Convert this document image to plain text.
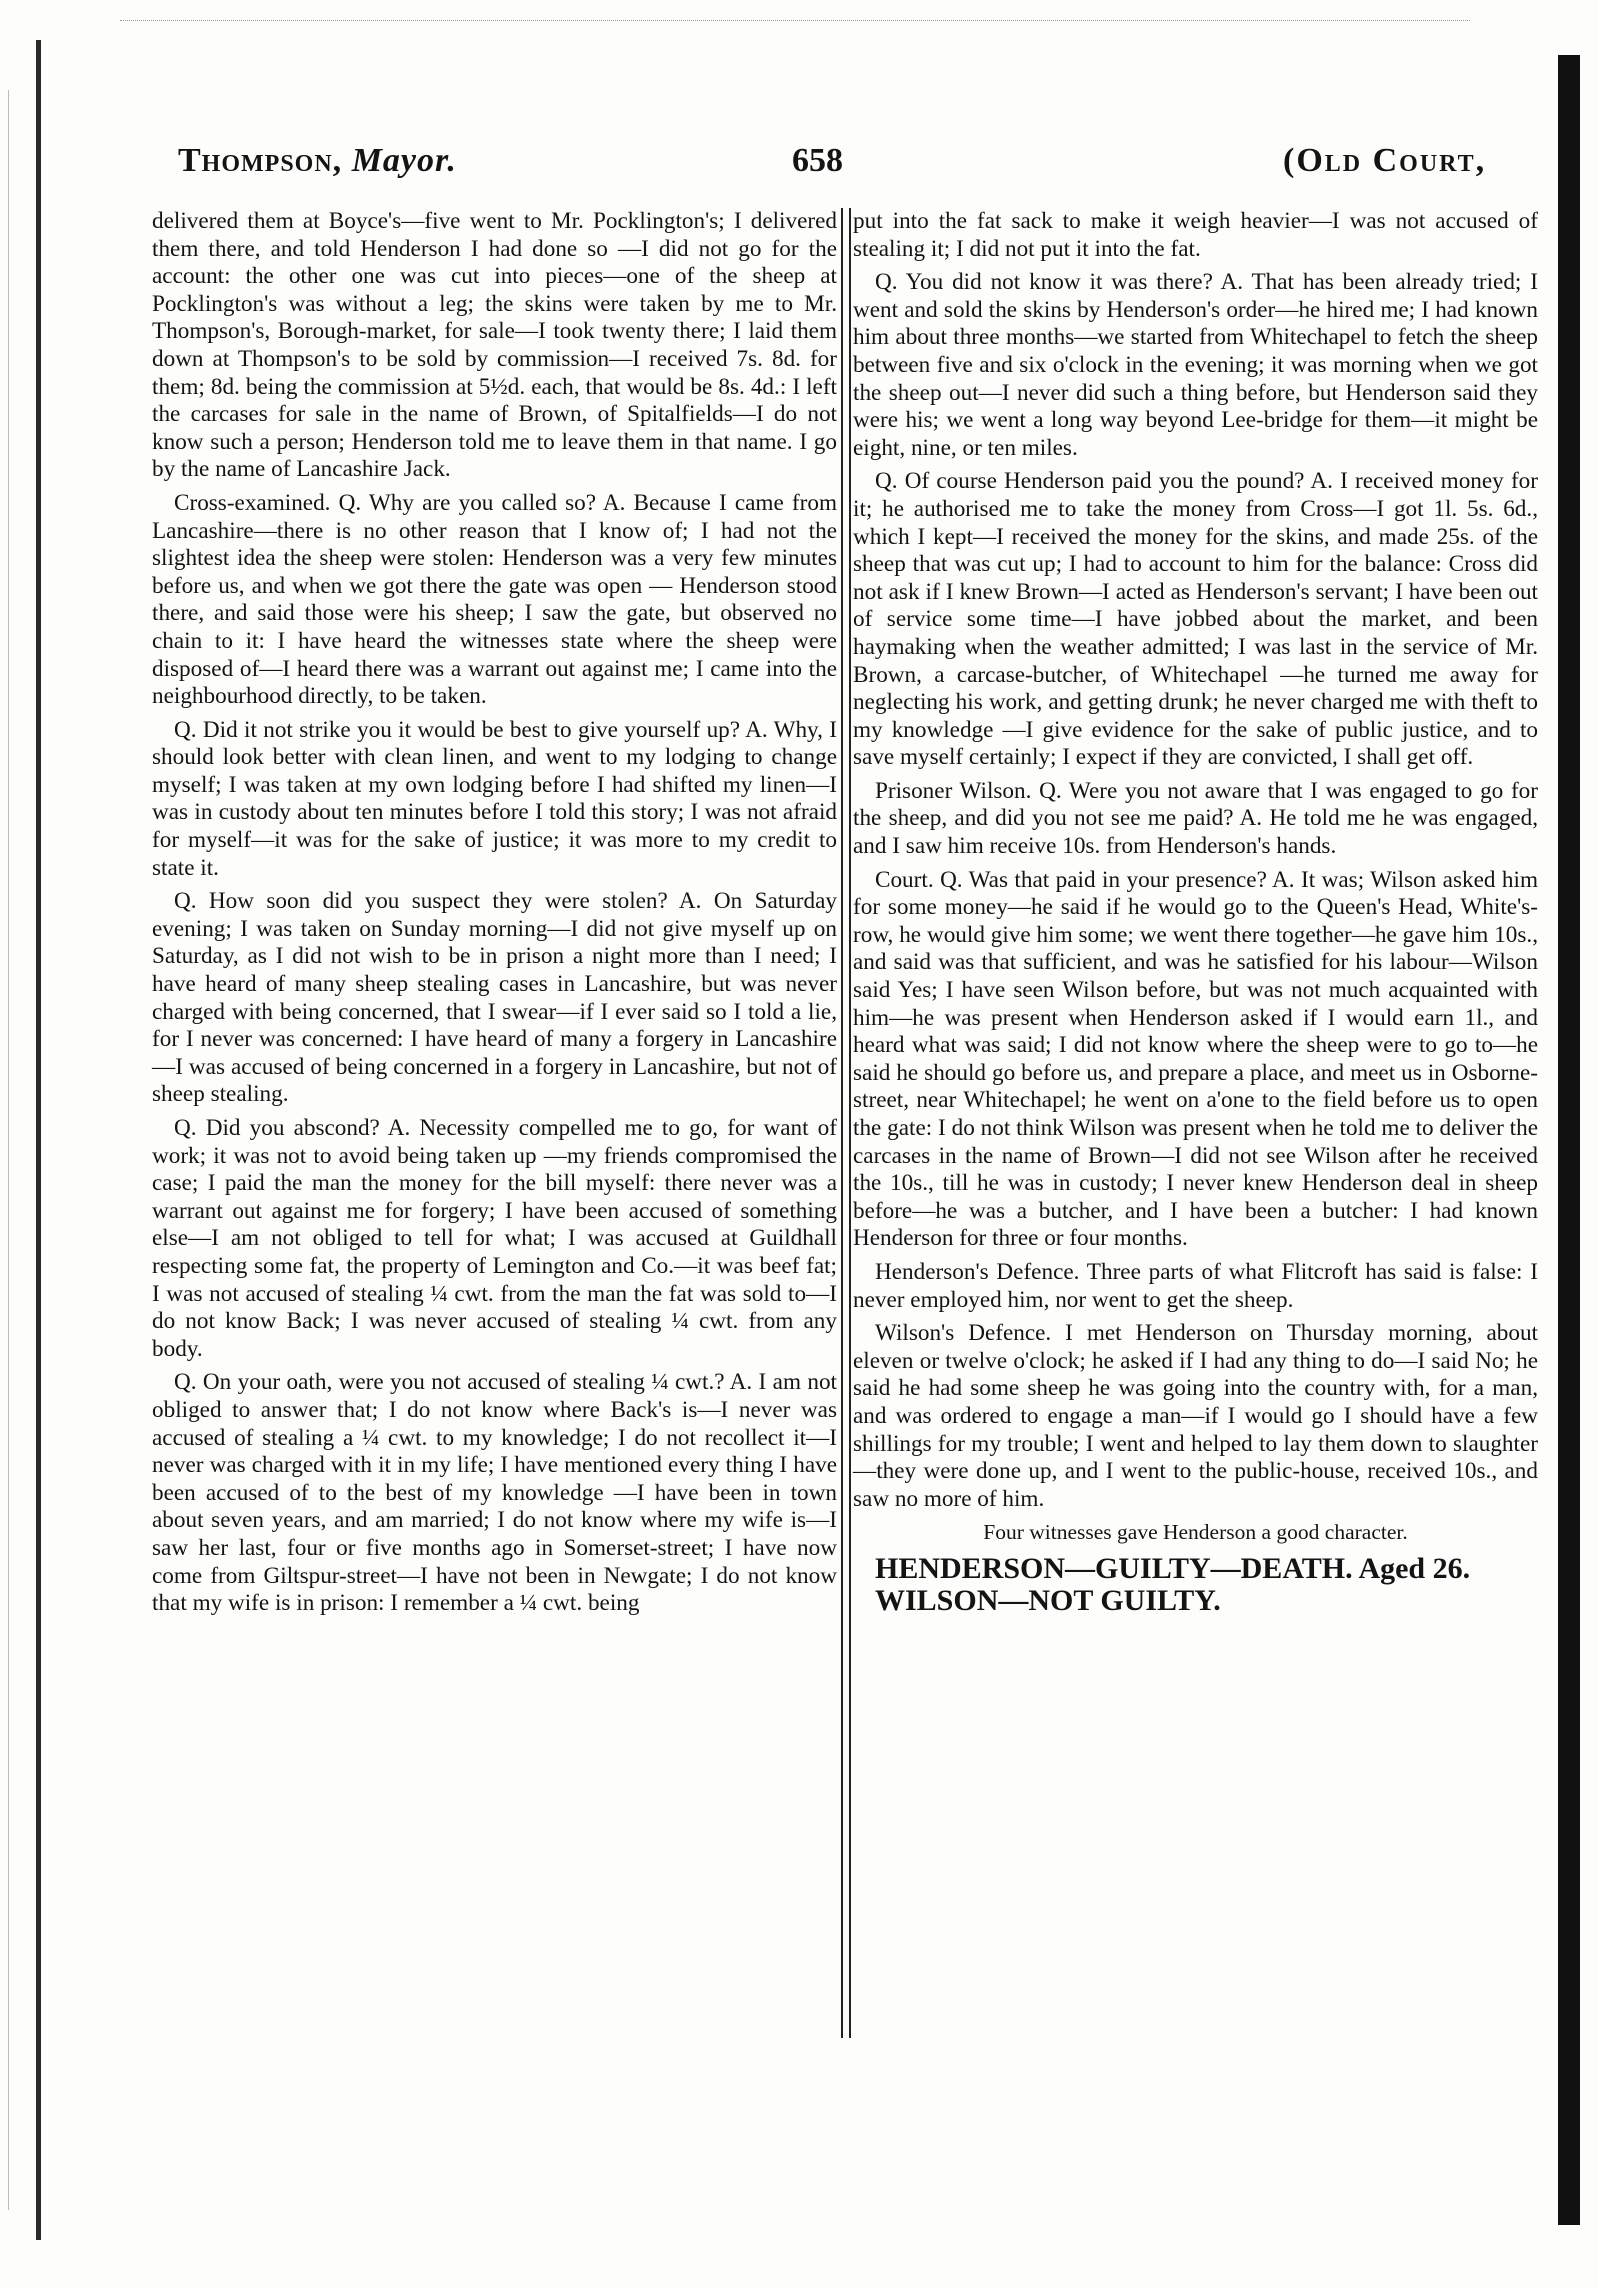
Thompson, Mayor.	658	(Old Court,

delivered them at Boyce's—five went to Mr. Pocklington's; I delivered them there, and told Henderson I had done so —I did not go for the account: the other one was cut into pieces—one of the sheep at Pocklington's was without a leg; the skins were taken by me to Mr. Thompson's, Borough-market, for sale—I took twenty there; I laid them down at Thompson's to be sold by commission—I received 7s. 8d. for them; 8d. being the commission at 5½d. each, that would be 8s. 4d.: I left the carcases for sale in the name of Brown, of Spitalfields—I do not know such a person; Henderson told me to leave them in that name. I go by the name of Lancashire Jack.

Cross-examined. Q. Why are you called so? A. Because I came from Lancashire—there is no other reason that I know of; I had not the slightest idea the sheep were stolen: Henderson was a very few minutes before us, and when we got there the gate was open — Henderson stood there, and said those were his sheep; I saw the gate, but observed no chain to it: I have heard the witnesses state where the sheep were disposed of—I heard there was a warrant out against me; I came into the neighbourhood directly, to be taken.

Q. Did it not strike you it would be best to give yourself up? A. Why, I should look better with clean linen, and went to my lodging to change myself; I was taken at my own lodging before I had shifted my linen—I was in custody about ten minutes before I told this story; I was not afraid for myself—it was for the sake of justice; it was more to my credit to state it.

Q. How soon did you suspect they were stolen? A. On Saturday evening; I was taken on Sunday morning—I did not give myself up on Saturday, as I did not wish to be in prison a night more than I need; I have heard of many sheep stealing cases in Lancashire, but was never charged with being concerned, that I swear—if I ever said so I told a lie, for I never was concerned: I have heard of many a forgery in Lancashire—I was accused of being concerned in a forgery in Lancashire, but not of sheep stealing.

Q. Did you abscond? A. Necessity compelled me to go, for want of work; it was not to avoid being taken up —my friends compromised the case; I paid the man the money for the bill myself: there never was a warrant out against me for forgery; I have been accused of something else—I am not obliged to tell for what; I was accused at Guildhall respecting some fat, the property of Lemington and Co.—it was beef fat; I was not accused of stealing ¼ cwt. from the man the fat was sold to—I do not know Back; I was never accused of stealing ¼ cwt. from any body.

Q. On your oath, were you not accused of stealing ¼ cwt.? A. I am not obliged to answer that; I do not know where Back's is—I never was accused of stealing a ¼ cwt. to my knowledge; I do not recollect it—I never was charged with it in my life; I have mentioned every thing I have been accused of to the best of my knowledge —I have been in town about seven years, and am married; I do not know where my wife is—I saw her last, four or five months ago in Somerset-street; I have now come from Giltspur-street—I have not been in Newgate; I do not know that my wife is in prison: I remember a ¼ cwt. being

put into the fat sack to make it weigh heavier—I was not accused of stealing it; I did not put it into the fat.

Q. You did not know it was there? A. That has been already tried; I went and sold the skins by Henderson's order—he hired me; I had known him about three months—we started from Whitechapel to fetch the sheep between five and six o'clock in the evening; it was morning when we got the sheep out—I never did such a thing before, but Henderson said they were his; we went a long way beyond Lee-bridge for them—it might be eight, nine, or ten miles.

Q. Of course Henderson paid you the pound? A. I received money for it; he authorised me to take the money from Cross—I got 1l. 5s. 6d., which I kept—I received the money for the skins, and made 25s. of the sheep that was cut up; I had to account to him for the balance: Cross did not ask if I knew Brown—I acted as Henderson's servant; I have been out of service some time—I have jobbed about the market, and been haymaking when the weather admitted; I was last in the service of Mr. Brown, a carcase-butcher, of Whitechapel —he turned me away for neglecting his work, and getting drunk; he never charged me with theft to my knowledge —I give evidence for the sake of public justice, and to save myself certainly; I expect if they are convicted, I shall get off.

Prisoner Wilson. Q. Were you not aware that I was engaged to go for the sheep, and did you not see me paid? A. He told me he was engaged, and I saw him receive 10s. from Henderson's hands.

Court. Q. Was that paid in your presence? A. It was; Wilson asked him for some money—he said if he would go to the Queen's Head, White's-row, he would give him some; we went there together—he gave him 10s., and said was that sufficient, and was he satisfied for his labour—Wilson said Yes; I have seen Wilson before, but was not much acquainted with him—he was present when Henderson asked if I would earn 1l., and heard what was said; I did not know where the sheep were to go to—he said he should go before us, and prepare a place, and meet us in Osborne-street, near Whitechapel; he went on a'one to the field before us to open the gate: I do not think Wilson was present when he told me to deliver the carcases in the name of Brown—I did not see Wilson after he received the 10s., till he was in custody; I never knew Henderson deal in sheep before—he was a butcher, and I have been a butcher: I had known Henderson for three or four months.

Henderson's Defence. Three parts of what Flitcroft has said is false: I never employed him, nor went to get the sheep.

Wilson's Defence. I met Henderson on Thursday morning, about eleven or twelve o'clock; he asked if I had any thing to do—I said No; he said he had some sheep he was going into the country with, for a man, and was ordered to engage a man—if I would go I should have a few shillings for my trouble; I went and helped to lay them down to slaughter—they were done up, and I went to the public-house, received 10s., and saw no more of him.

Four witnesses gave Henderson a good character.

HENDERSON—GUILTY—DEATH. Aged 26.

WILSON—NOT GUILTY.
